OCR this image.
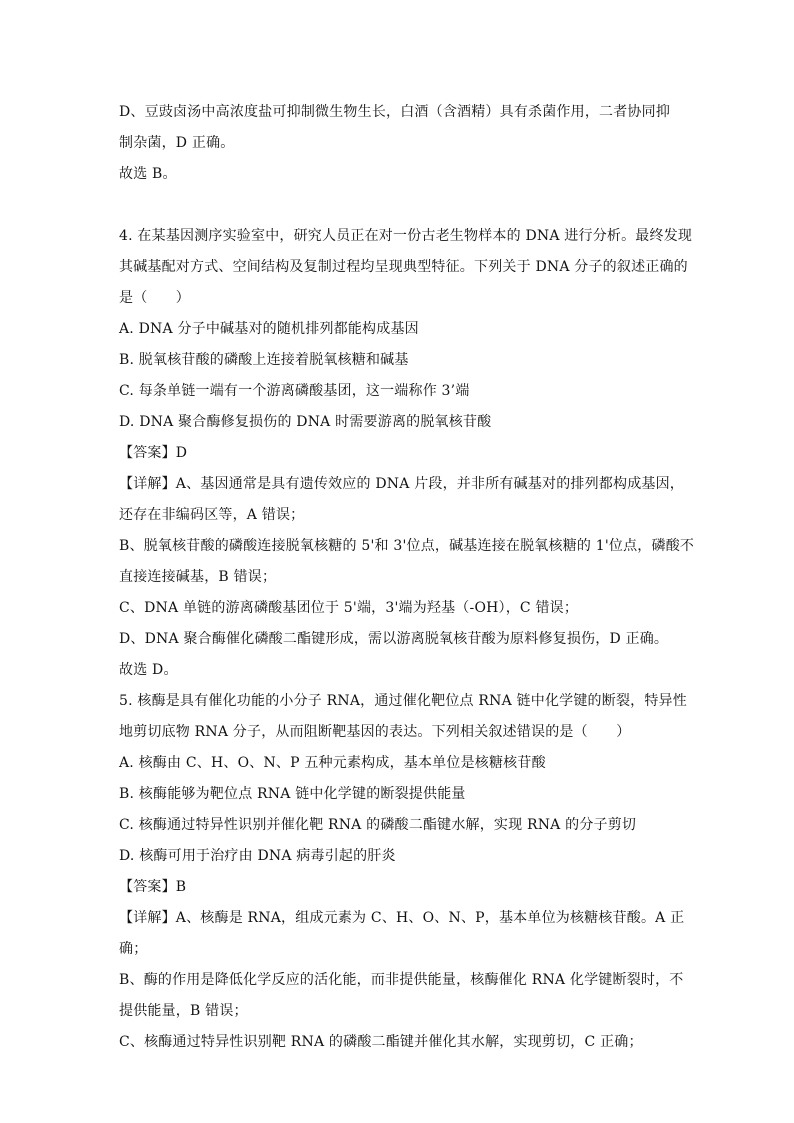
D、豆豉卤汤中高浓度盐可抑制微生物生长，白酒（含酒精）具有杀菌作用，二者协同抑
制杂菌，D 正确。
故选 B。
4. 在某基因测序实验室中，研究人员正在对一份古老生物样本的 DNA 进行分析。最终发现
其碱基配对方式、空间结构及复制过程均呈现典型特征。下列关于 DNA 分子的叙述正确的
是（　　）
A. DNA 分子中碱基对的随机排列都能构成基因
B. 脱氧核苷酸的磷酸上连接着脱氧核糖和碱基
C. 每条单链一端有一个游离磷酸基团，这一端称作 3’端
D. DNA 聚合酶修复损伤的 DNA 时需要游离的脱氧核苷酸
【答案】D
【详解】A、基因通常是具有遗传效应的 DNA 片段，并非所有碱基对的排列都构成基因，
还存在非编码区等，A 错误；
B、脱氧核苷酸的磷酸连接脱氧核糖的 5'和 3'位点，碱基连接在脱氧核糖的 1'位点，磷酸不
直接连接碱基，B 错误；
C、DNA 单链的游离磷酸基团位于 5'端，3'端为羟基（-OH），C 错误；
D、DNA 聚合酶催化磷酸二酯键形成，需以游离脱氧核苷酸为原料修复损伤，D 正确。
故选 D。
5. 核酶是具有催化功能的小分子 RNA，通过催化靶位点 RNA 链中化学键的断裂，特异性
地剪切底物 RNA 分子，从而阻断靶基因的表达。下列相关叙述错误的是（　　）
A. 核酶由 C、H、O、N、P 五种元素构成，基本单位是核糖核苷酸
B. 核酶能够为靶位点 RNA 链中化学键的断裂提供能量
C. 核酶通过特异性识别并催化靶 RNA 的磷酸二酯键水解，实现 RNA 的分子剪切
D. 核酶可用于治疗由 DNA 病毒引起的肝炎
【答案】B
【详解】A、核酶是 RNA，组成元素为 C、H、O、N、P，基本单位为核糖核苷酸。A 正
确；
B、酶的作用是降低化学反应的活化能，而非提供能量，核酶催化 RNA 化学键断裂时，不
提供能量，B 错误；
C、核酶通过特异性识别靶 RNA 的磷酸二酯键并催化其水解，实现剪切，C 正确；
